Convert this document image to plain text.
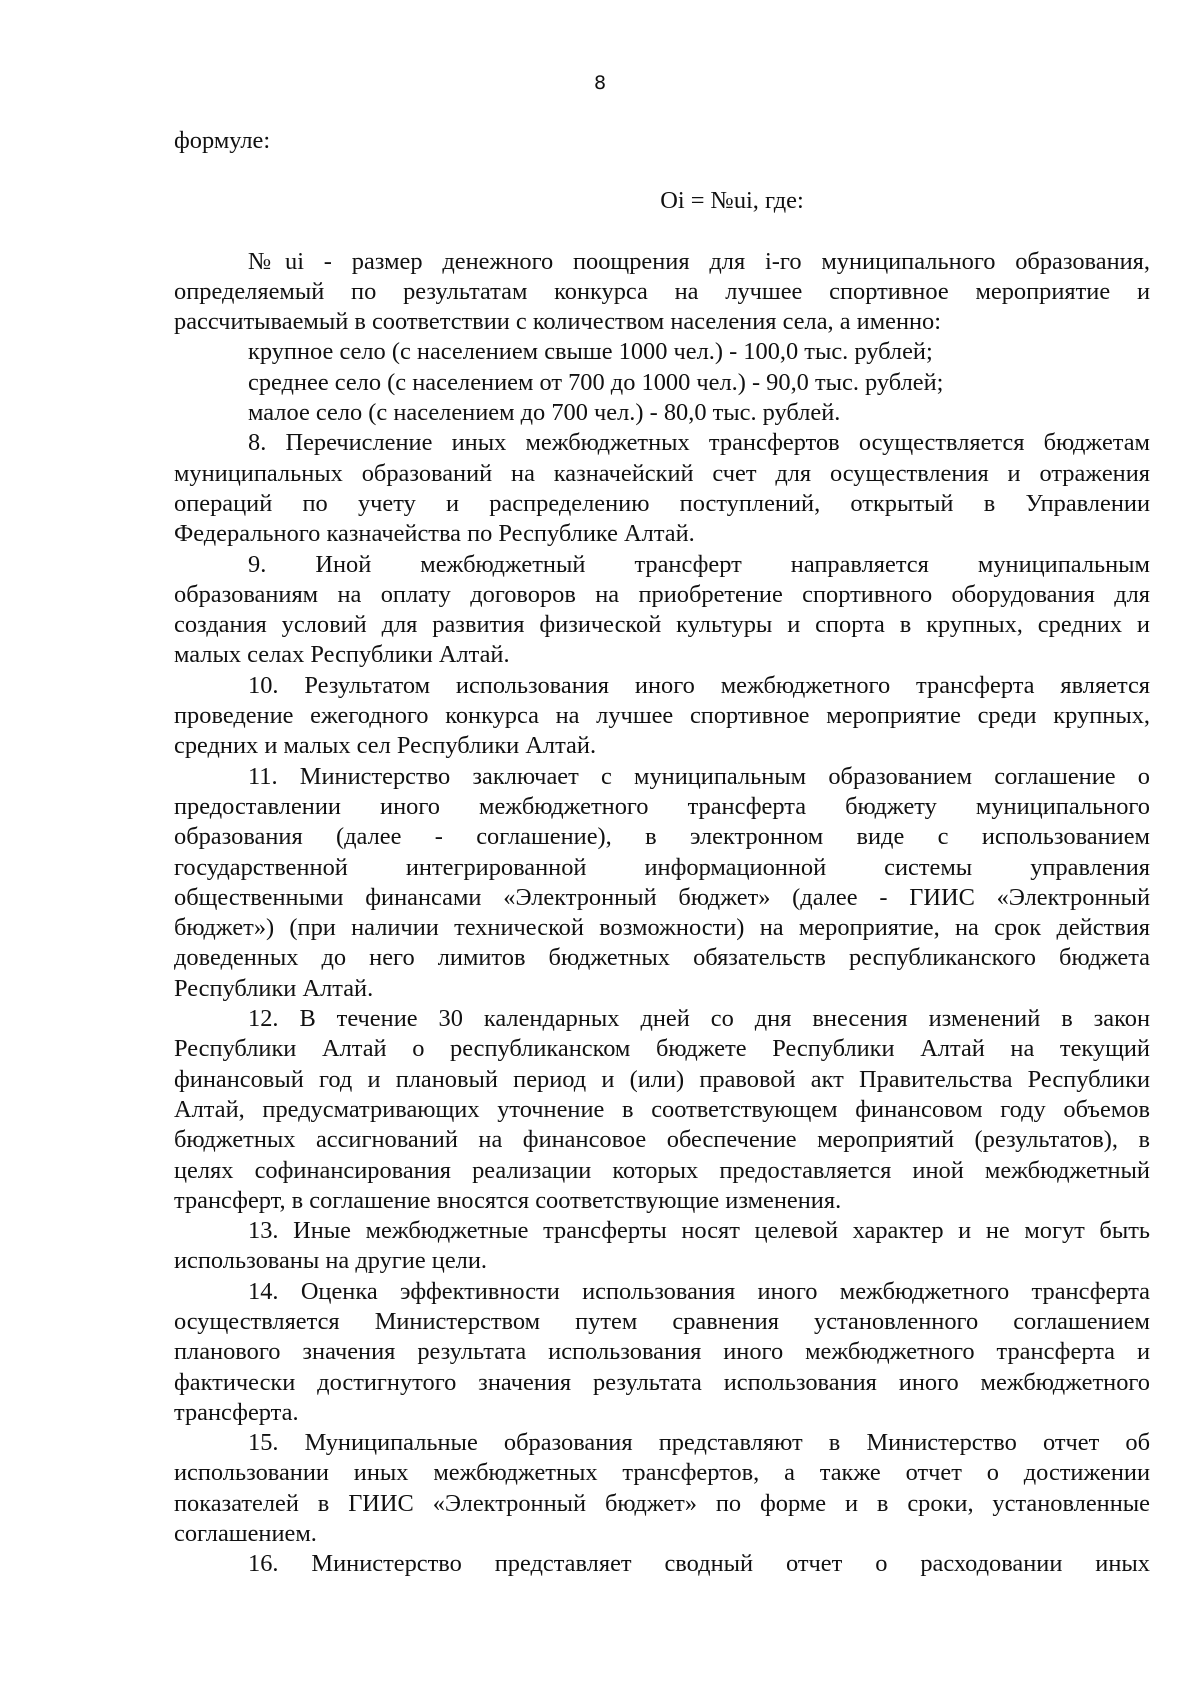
8
формуле:
Oi = №ui, где:
№ui - размер денежного поощрения для i-го муниципального образования,
определяемый по результатам конкурса на лучшее спортивное мероприятие и
рассчитываемый в соответствии с количеством населения села, а именно:
крупное село (с населением свыше 1000 чел.) - 100,0 тыс. рублей;
среднее село (с населением от 700 до 1000 чел.) - 90,0 тыс. рублей;
малое село (с населением до 700 чел.) - 80,0 тыс. рублей.
8. Перечисление иных межбюджетных трансфертов осуществляется бюджетам
муниципальных образований на казначейский счет для осуществления и отражения
операций по учету и распределению поступлений, открытый в Управлении
Федерального казначейства по Республике Алтай.
9. Иной межбюджетный трансферт направляется муниципальным
образованиям на оплату договоров на приобретение спортивного оборудования для
создания условий для развития физической культуры и спорта в крупных, средних и
малых селах Республики Алтай.
10. Результатом использования иного межбюджетного трансферта является
проведение ежегодного конкурса на лучшее спортивное мероприятие среди крупных,
средних и малых сел Республики Алтай.
11. Министерство заключает с муниципальным образованием соглашение о
предоставлении иного межбюджетного трансферта бюджету муниципального
образования (далее - соглашение), в электронном виде с использованием
государственной интегрированной информационной системы управления
общественными финансами «Электронный бюджет» (далее - ГИИС «Электронный
бюджет») (при наличии технической возможности) на мероприятие, на срок действия
доведенных до него лимитов бюджетных обязательств республиканского бюджета
Республики Алтай.
12. В течение 30 календарных дней со дня внесения изменений в закон
Республики Алтай о республиканском бюджете Республики Алтай на текущий
финансовый год и плановый период и (или) правовой акт Правительства Республики
Алтай, предусматривающих уточнение в соответствующем финансовом году объемов
бюджетных ассигнований на финансовое обеспечение мероприятий (результатов), в
целях софинансирования реализации которых предоставляется иной межбюджетный
трансферт, в соглашение вносятся соответствующие изменения.
13. Иные межбюджетные трансферты носят целевой характер и не могут быть
использованы на другие цели.
14. Оценка эффективности использования иного межбюджетного трансферта
осуществляется Министерством путем сравнения установленного соглашением
планового значения результата использования иного межбюджетного трансферта и
фактически достигнутого значения результата использования иного межбюджетного
трансферта.
15. Муниципальные образования представляют в Министерство отчет об
использовании иных межбюджетных трансфертов, а также отчет о достижении
показателей в ГИИС «Электронный бюджет» по форме и в сроки, установленные
соглашением.
16. Министерство представляет сводный отчет о расходовании иных
